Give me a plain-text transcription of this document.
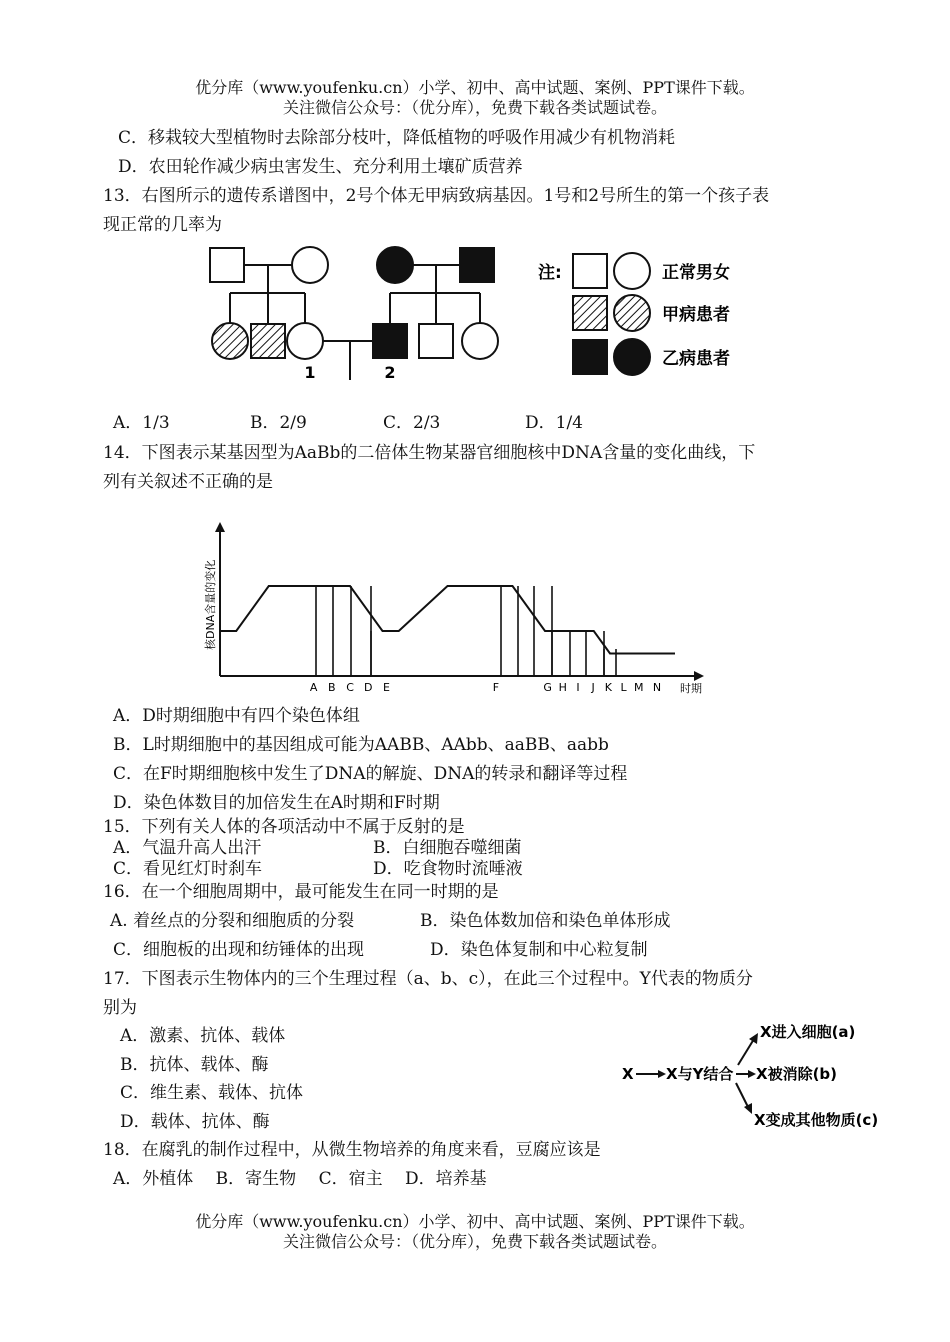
优分库（www.youfenku.cn）小学、初中、高中试题、案例、PPT课件下载。
关注微信公众号：（优分库），免费下载各类试题试卷。
C．移栽较大型植物时去除部分枝叶，降低植物的呼吸作用减少有机物消耗
D．农田轮作减少病虫害发生、充分利用土壤矿质营养
13．右图所示的遗传系谱图中，2号个体无甲病致病基因。1号和2号所生的第一个孩子表
现正常的几率为
1	2
注:	正常男女
甲病患者
乙病患者
A．1/3	B．2/9	C．2/3	D．1/4
14．下图表示某基因型为AaBb的二倍体生物某器官细胞核中DNA含量的变化曲线，下
列有关叙述不正确的是
核DNA含量的变化
时期
A B C D E	F	G H I J K L M N
A．D时期细胞中有四个染色体组
B．L时期细胞中的基因组成可能为AABB、AAbb、aaBB、aabb
C．在F时期细胞核中发生了DNA的解旋、DNA的转录和翻译等过程
D．染色体数目的加倍发生在A时期和F时期
15．下列有关人体的各项活动中不属于反射的是
A．气温升高人出汗	B．白细胞吞噬细菌
C．看见红灯时刹车	D．吃食物时流唾液
16．在一个细胞周期中，最可能发生在同一时期的是
A. 着丝点的分裂和细胞质的分裂	B．染色体数加倍和染色单体形成
C．细胞板的出现和纺锤体的出现	D．染色体复制和中心粒复制
17．下图表示生物体内的三个生理过程（a、b、c），在此三个过程中。Y代表的物质分
别为
A．激素、抗体、载体
B．抗体、载体、酶
C．维生素、载体、抗体
D．载体、抗体、酶
X X与Y结合 X被消除(b)
X进入细胞(a)
X变成其他物质(c)
18．在腐乳的制作过程中，从微生物培养的角度来看，豆腐应该是
A．外植体　 B．寄生物　 C．宿主　 D．培养基
优分库（www.youfenku.cn）小学、初中、高中试题、案例、PPT课件下载。
关注微信公众号：（优分库），免费下载各类试题试卷。
